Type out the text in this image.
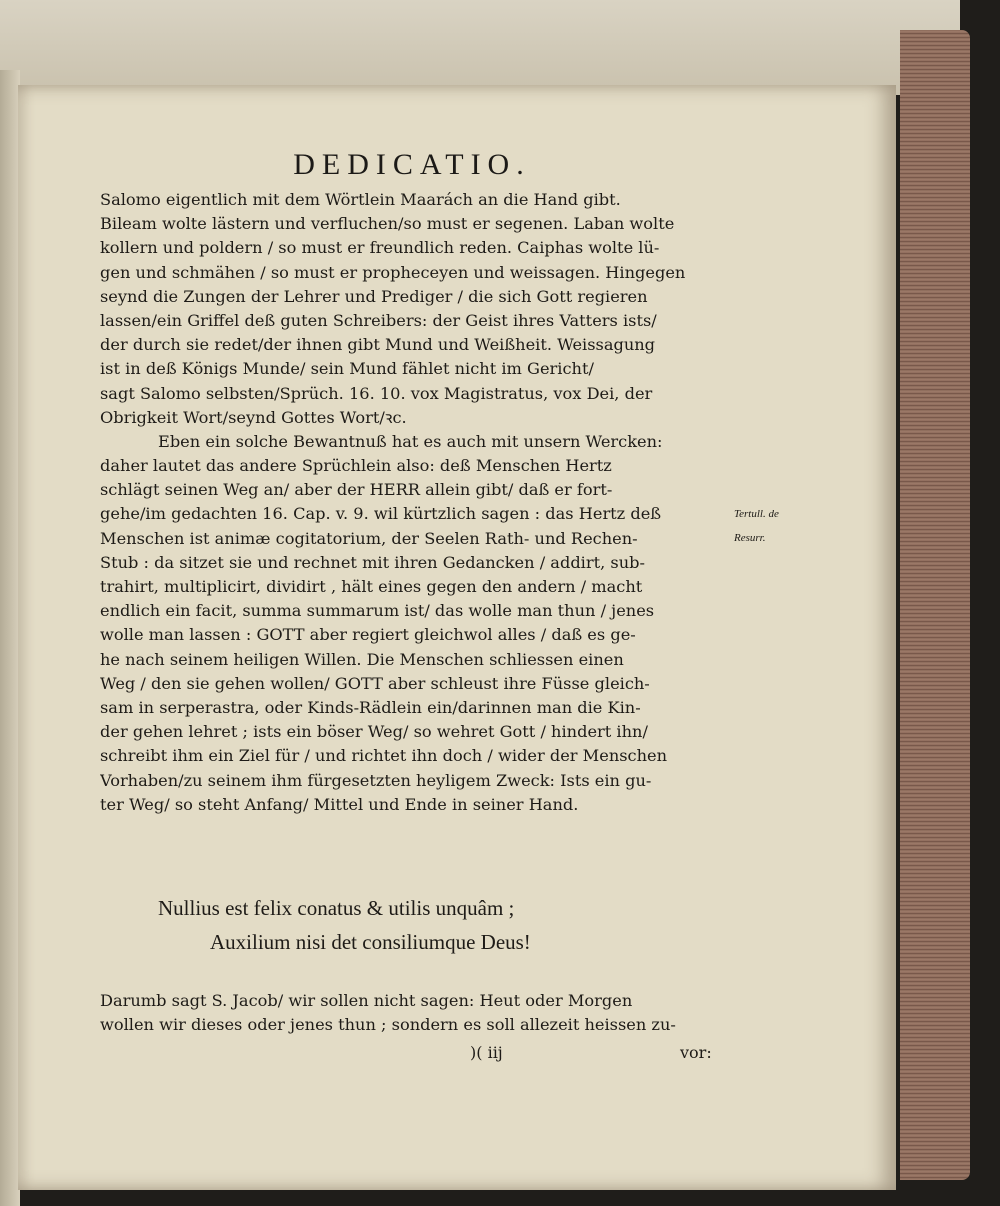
DEDICATIO.
Salomo eigentlich mit dem Wörtlein Maarách an die Hand gibt.
Bileam wolte lästern und verfluchen/so must er segenen. Laban wolte
kollern und poldern / so must er freundlich reden. Caiphas wolte lü-
gen und schmähen / so must er propheceyen und weissagen. Hingegen
seynd die Zungen der Lehrer und Prediger / die sich Gott regieren
lassen/ein Griffel deß guten Schreibers: der Geist ihres Vatters ists/
der durch sie redet/der ihnen gibt Mund und Weißheit. Weissagung
ist in deß Königs Munde/ sein Mund fählet nicht im Gericht/
sagt Salomo selbsten/Sprüch. 16. 10. vox Magistratus, vox Dei, der
Obrigkeit Wort/seynd Gottes Wort/ꝛc.
Eben ein solche Bewantnuß hat es auch mit unsern Wercken:
daher lautet das andere Sprüchlein also: deß Menschen Hertz
schlägt seinen Weg an/ aber der HERR allein gibt/ daß er fort-
gehe/im gedachten 16. Cap. v. 9. wil kürtzlich sagen : das Hertz deß
Menschen ist animæ cogitatorium, der Seelen Rath- und Rechen-
Stub : da sitzet sie und rechnet mit ihren Gedancken / addirt, sub-
trahirt, multiplicirt, dividirt , hält eines gegen den andern / macht
endlich ein facit, summa summarum ist/ das wolle man thun / jenes
wolle man lassen : GOTT aber regiert gleichwol alles / daß es ge-
he nach seinem heiligen Willen. Die Menschen schliessen einen
Weg / den sie gehen wollen/ GOTT aber schleust ihre Füsse gleich-
sam in serperastra, oder Kinds-Rädlein ein/darinnen man die Kin-
der gehen lehret ; ists ein böser Weg/ so wehret Gott / hindert ihn/
schreibt ihm ein Ziel für / und richtet ihn doch / wider der Menschen
Vorhaben/zu seinem ihm fürgesetzten heyligem Zweck: Ists ein gu-
ter Weg/ so steht Anfang/ Mittel und Ende in seiner Hand.
Tertull. de
Resurr.
Nullius est felix conatus & utilis unquâm ;
Auxilium nisi det consiliumque Deus!
Darumb sagt S. Jacob/ wir sollen nicht sagen: Heut oder Morgen
wollen wir dieses oder jenes thun ; sondern es soll allezeit heissen zu-
)( iij	vor:
